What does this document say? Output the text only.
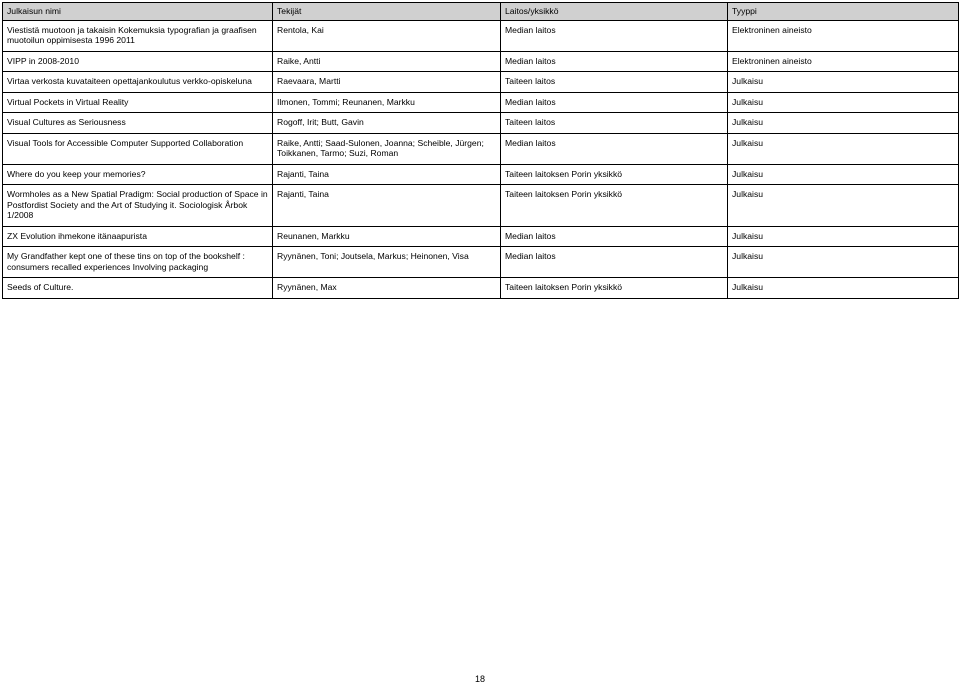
Julkaisun nimi	Tekijät	Laitos/yksikkö	Tyyppi
Viestistä muotoon ja takaisin Kokemuksia typografian ja graafisen muotoilun oppimisesta 1996 2011	Rentola, Kai	Median laitos	Elektroninen aineisto
VIPP in 2008-2010	Raike, Antti	Median laitos	Elektroninen aineisto
Virtaa verkosta kuvataiteen opettajankoulutus verkko-opiskeluna	Raevaara, Martti	Taiteen laitos	Julkaisu
Virtual Pockets in Virtual Reality	Ilmonen, Tommi; Reunanen, Markku	Median laitos	Julkaisu
Visual Cultures as Seriousness	Rogoff, Irit; Butt, Gavin	Taiteen laitos	Julkaisu
Visual Tools for Accessible Computer Supported Collaboration	Raike, Antti; Saad-Sulonen, Joanna; Scheible, Jürgen; Toikkanen, Tarmo; Suzi, Roman	Median laitos	Julkaisu
Where do you keep your memories?	Rajanti, Taina	Taiteen laitoksen Porin yksikkö	Julkaisu
Wormholes as a New Spatial Pradigm: Social production of Space in Postfordist Society and the Art of Studying it. Sociologisk Årbok 1/2008	Rajanti, Taina	Taiteen laitoksen Porin yksikkö	Julkaisu
ZX Evolution ihmekone itänaapurista	Reunanen, Markku	Median laitos	Julkaisu
My Grandfather kept one of these tins on top of the bookshelf : consumers recalled experiences Involving packaging	Ryynänen, Toni; Joutsela, Markus; Heinonen, Visa	Median laitos	Julkaisu
Seeds of Culture.	Ryynänen, Max	Taiteen laitoksen Porin yksikkö	Julkaisu
18
